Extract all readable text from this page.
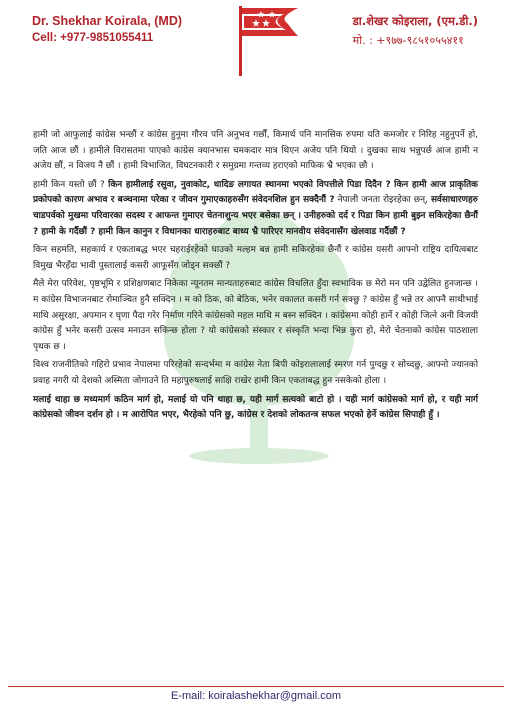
Dr. Shekhar Koirala, (MD)
Cell: +977-9851055411
डा.शेखर कोइराला, (एम.डी.)
मो. : +९७७-९८५१०५५४११

हामी जो आफुलाई कांग्रेस भन्छौं र कांग्रेस हुनुमा गौरव पनि अनुभव गर्छौं, किमार्थ पनि मानसिक रुपमा यति कमजोर र निरिह नहुनुपर्ने हो, जति आज छौं । हामीले विरासतमा पाएको कांग्रेस क्यानभास चमकदार मात्र थिएन अजेय पनि थियो । दुखका साथ भन्नुपर्छ आज हामी न अजेय छौं, न विजय नै छौं । हामी विभाजित, विघटनकारी र समुग्रमा गन्तव्य हराएको माफिक भ्रै भएका छौ ।

हामी किन यस्तो छौं ? किन हामीलाई रसुवा, नुवाकोट, धादिङ लगायत स्थानमा भएको विपत्तीले पिडा दिदैन ? किन हामी आज प्राकृतिक प्रकोपको कारण अभाव र बञ्चनामा परेका र जीवन गुमाएकाहरुसँग संवेदनशिल हुन सक्दैनौं ? नेपाली जनता रोइरहेका छन्, सर्वसाधारणहरु चाडपर्वको मुखमा परिवारका सदस्य र आफन्त गुमाएर चेतनाशुन्य भएर बसेका छन् । उनीहरुको दर्द र पिडा किन हामी बुझ्न सकिरहेका छैनौं ? हामी के गर्दैछौं ? हामी किन कानुन र विधानका धाराहरुबाट बाध्य भ्रै पारिएर मानवीय संवेदनासँग खेलवाड गर्दैछौं ?

किन सहमति, सहकार्य र एकताबद्ध भएर चहराईरहेको घाउको मल्हम बन्न हामी सकिरहेका छैनौं र कांग्रेस यसरी आफ्नो राष्ट्रिय दायित्वबाट विमुख भैरहँदा भावी पुस्तालाई कसरी आफूसँग जोड्न सक्छौं ?

मैले मेरा परिवेश, पृष्ठभूमि र प्रशिक्षणबाट निकेका न्यूनतम मान्यताहरुबाट कांग्रेस विचलित हुँदा स्वभाविक छ मेरो मन पनि उद्वेलित हुनजान्छ । म कांग्रेस विभाजनबाट रोमाञ्चित हुनै सक्दिन । म को ठिक, को बेठिक, भनेर वकालत कसरी गर्न सक्छु ? कांग्रेस हुँ भन्ने तर आफ्नै साथीभाई माथि असुरक्षा, अपमान र घृणा पैदा गरेर निर्माण गरिने कांग्रेसको महल माथि म बस्न सक्दिन । कांग्रेसमा कोही हार्ने र कोही जित्ने अनी विजयी कांग्रेस हुँ भनेर कसरी उत्सव मनाउन सकिन्छ होला ? यो कांग्रेसको संस्कार र संस्कृति भन्दा भिन्न कुरा हो, मेरो चेतनाको कांग्रेस पाठशाला पृथक छ ।

विश्व राजनीतिको गहिरो प्रभाव नेपालमा परिरहेको सन्दर्भमा म कांग्रेस नेता बिपी कोइरालालाई स्मरण गर्न पुग्दछु र सोच्दछु, आफ्नो ज्यानको प्रवाह नगरी यो देशको अस्मिता जोगाउने ति महापुरुषलाई साक्षि राखेर हामी किन एकताबद्ध हुन नसकेको होला ।

मलाई थाहा छ मध्यमार्ग कठिन मार्ग हो, मलाई यो पनि थाहा छ, यही मार्ग सत्यको बाटो हो । यही मार्ग कांग्रेसको मार्ग हो, र यही मार्ग कांग्रेसको जीवन दर्शन हो । म आरोपित भएर, भैरहेको पनि छु, कांग्रेस र देशको लोकतन्त्र सफल भएको हेर्ने कांग्रेस सिपाही हुँ ।

E-mail: koiralashekhar@gmail.com
